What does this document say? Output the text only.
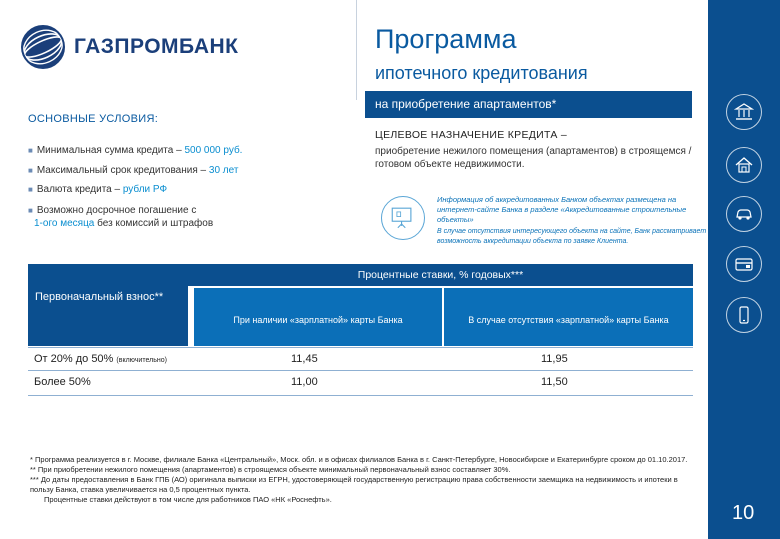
ГАЗПРОМБАНК	Программа
ипотечного кредитования
на приобретение апартаментов*
ОСНОВНЫЕ УСЛОВИЯ:
■ Минимальная сумма кредита – 500 000 руб.
■ Максимальный срок кредитования – 30 лет
■ Валюта кредита – рубли РФ
■ Возможно досрочное погашение с
1-ого месяца без комиссий и штрафов
ЦЕЛЕВОЕ НАЗНАЧЕНИЕ КРЕДИТА –
приобретение нежилого помещения (апартаментов) в строящемся / готовом объекте недвижимости.
Информация об аккредитованных Банком объектах размещена на интернет-сайте Банка в разделе «Аккредитованные строительные объекты»
В случае отсутствия интересующего объекта на сайте, Банк рассматривает возможность аккредитации объекта по заявке Клиента.
Первоначальный взнос**
Процентные ставки, % годовых***
При наличии «зарплатной» карты Банка	В случае отсутствия «зарплатной» карты Банка
От 20% до 50% (включительно)	11,45	11,95
Более 50%	11,00	11,50
* Программа реализуется в г. Москве, филиале Банка «Центральный», Моск. обл. и в офисах филиалов Банка в г. Санкт-Петербурге, Новосибирске и Екатеринбурге сроком до 01.10.2017.
** При приобретении нежилого помещения (апартаментов) в строящемся объекте минимальный первоначальный взнос составляет 30%.
*** До даты предоставления в Банк ГПБ (АО) оригинала выписки из ЕГРН, удостоверяющей государственную регистрацию права собственности заемщика на недвижимость и ипотеки в пользу Банка, ставка увеличивается на 0,5 процентных пункта.
Процентные ставки действуют в том числе для работников ПАО «НК «Роснефть».
10
